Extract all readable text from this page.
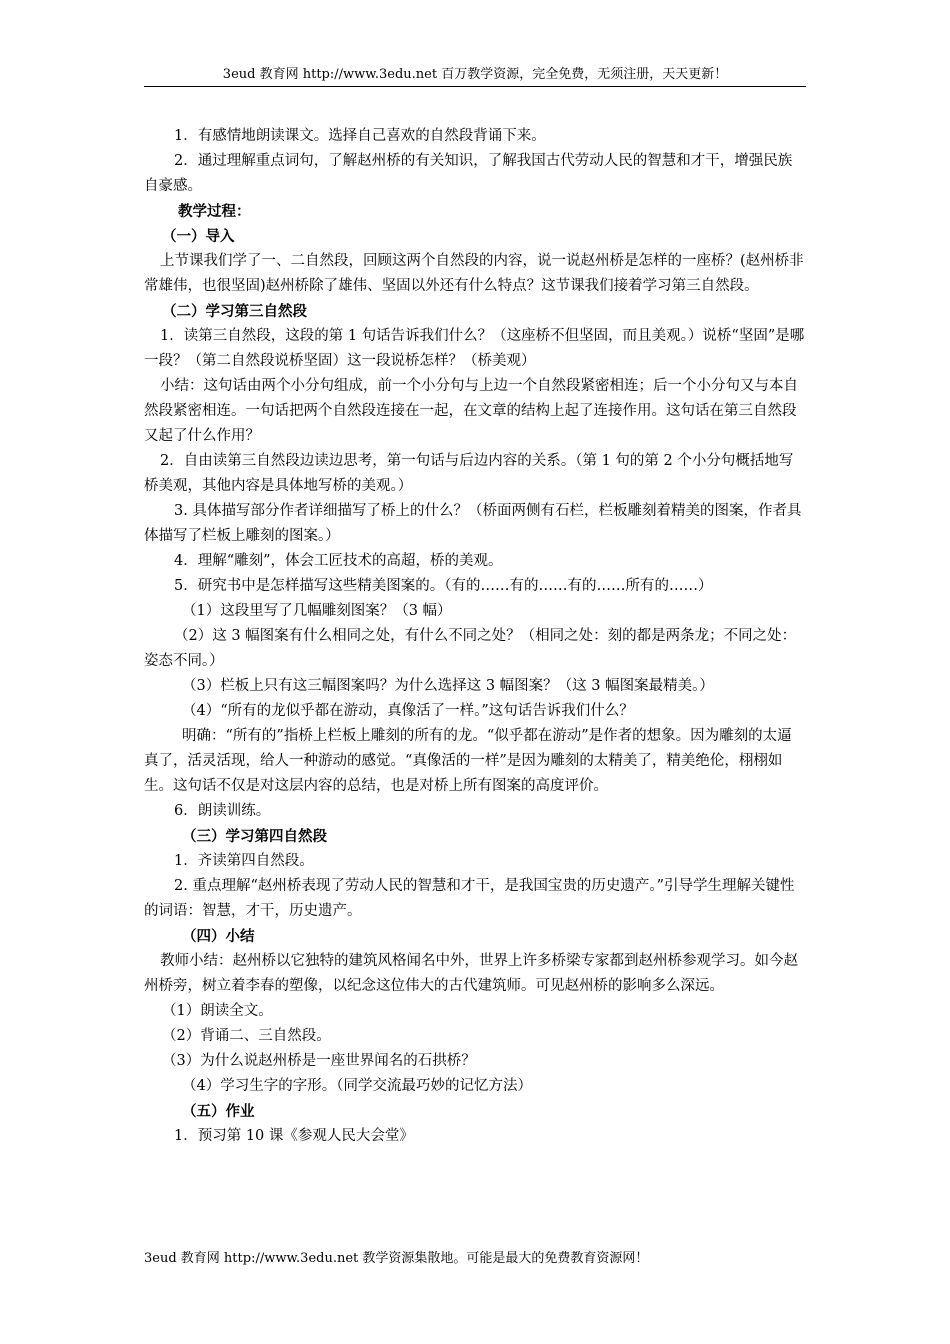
3eud 教育网 http://www.3edu.net 百万教学资源，完全免费，无须注册，天天更新！

1．有感情地朗读课文。选择自己喜欢的自然段背诵下来。

2．通过理解重点词句，了解赵州桥的有关知识，了解我国古代劳动人民的智慧和才干，增强民族自豪感。

教学过程：

（一）导入

上节课我们学了一、二自然段，回顾这两个自然段的内容，说一说赵州桥是怎样的一座桥？(赵州桥非常雄伟，也很坚固)赵州桥除了雄伟、坚固以外还有什么特点？这节课我们接着学习第三自然段。

（二）学习第三自然段

1．读第三自然段，这段的第 1 句话告诉我们什么？（这座桥不但坚固，而且美观。）说桥“坚固”是哪一段？（第二自然段说桥坚固）这一段说桥怎样？（桥美观）

小结：这句话由两个小分句组成，前一个小分句与上边一个自然段紧密相连；后一个小分句又与本自然段紧密相连。一句话把两个自然段连接在一起，在文章的结构上起了连接作用。这句话在第三自然段又起了什么作用？

2．自由读第三自然段边读边思考，第一句话与后边内容的关系。（第 1 句的第 2 个小分句概括地写桥美观，其他内容是具体地写桥的美观。）

3. 具体描写部分作者详细描写了桥上的什么？（桥面两侧有石栏，栏板雕刻着精美的图案，作者具体描写了栏板上雕刻的图案。）

4．理解“雕刻”，体会工匠技术的高超，桥的美观。

5．研究书中是怎样描写这些精美图案的。（有的……有的……有的……所有的……）

（1）这段里写了几幅雕刻图案？（3 幅）

（2）这 3 幅图案有什么相同之处，有什么不同之处？（相同之处：刻的都是两条龙；不同之处：姿态不同。）

（3）栏板上只有这三幅图案吗？为什么选择这 3 幅图案？（这 3 幅图案最精美。）

（4）“所有的龙似乎都在游动，真像活了一样。”这句话告诉我们什么？

明确：“所有的”指桥上栏板上雕刻的所有的龙。“似乎都在游动”是作者的想象。因为雕刻的太逼真了，活灵活现，给人一种游动的感觉。“真像活的一样”是因为雕刻的太精美了，精美绝伦，栩栩如生。这句话不仅是对这层内容的总结，也是对桥上所有图案的高度评价。

6．朗读训练。

（三）学习第四自然段

1．齐读第四自然段。

2. 重点理解“赵州桥表现了劳动人民的智慧和才干，是我国宝贵的历史遗产。”引导学生理解关键性的词语：智慧，才干，历史遗产。

（四）小结

教师小结：赵州桥以它独特的建筑风格闻名中外，世界上许多桥梁专家都到赵州桥参观学习。如今赵州桥旁，树立着李春的塑像，以纪念这位伟大的古代建筑师。可见赵州桥的影响多么深远。

（1）朗读全文。

（2）背诵二、三自然段。

（3）为什么说赵州桥是一座世界闻名的石拱桥？

（4）学习生字的字形。（同学交流最巧妙的记忆方法）

（五）作业

1．预习第 10 课《参观人民大会堂》

3eud 教育网 http://www.3edu.net 教学资源集散地。可能是最大的免费教育资源网！
